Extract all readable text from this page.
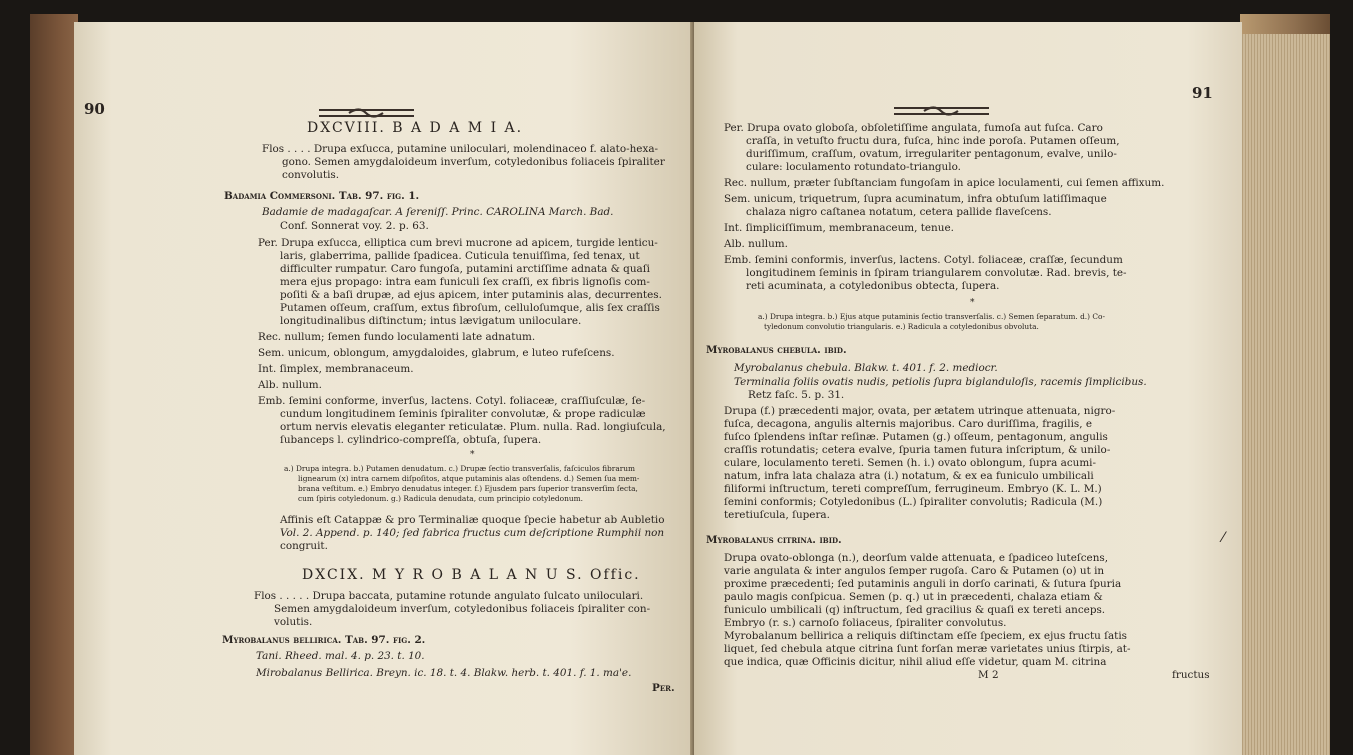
90
DXCVIII. B A D A M I A.
Flos . . . . Drupa exſucca, putamine uniloculari, molendinaceo f. alato-hexa-
gono. Semen amygdaloideum inverſum, cotyledonibus foliaceis ſpiraliter
convolutis.
Badamia Commerſoni. Tab. 97. fig. 1.
Badamie de madagaſcar. A ſereniſſ. Princ. CAROLINA March. Bad.
Conf. Sonnerat voy. 2. p. 63.
Per. Drupa exſucca, elliptica cum brevi mucrone ad apicem, turgide lenticu-
laris, glaberrima, pallide ſpadicea. Cuticula tenuiſſima, ſed tenax, ut
difficulter rumpatur. Caro fungoſa, putamini arctiſſime adnata & quaſi
mera ejus propago: intra eam funiculi ſex craſſi, ex fibris lignoſis com-
poſiti & a baſi drupæ, ad ejus apicem, inter putaminis alas, decurrentes.
Putamen oſſeum, craſſum, extus fibroſum, celluloſumque, alis ſex craſſis
longitudinalibus diſtinctum; intus lævigatum uniloculare.
Rec. nullum; ſemen fundo loculamenti late adnatum.
Sem. unicum, oblongum, amygdaloides, glabrum, e luteo rufeſcens.
Int. ſimplex, membranaceum.
Alb. nullum.
Emb. ſemini conforme, inverſus, lactens. Cotyl. foliaceæ, craſſiuſculæ, ſe-
cundum longitudinem ſeminis ſpiraliter convolutæ, & prope radiculæ
ortum nervis elevatis eleganter reticulatæ. Plum. nulla. Rad. longiuſcula,
ſubanceps l. cylindrico-compreſſa, obtuſa, ſupera.
*
a.) Drupa integra. b.) Putamen denudatum. c.) Drupæ ſectio transverſalis, faſciculos fibrarum
lignearum (x) intra carnem diſpoſitos, atque putaminis alas oſtendens. d.) Semen ſua mem-
brana veſtitum. e.) Embryo denudatus integer. f.) Ejusdem pars ſuperior transverſim ſecta,
cum ſpiris cotyledonum. g.) Radicula denudata, cum principio cotyledonum.
Affinis eſt Catappæ & pro Terminaliæ quoque ſpecie habetur ab Aubletio
Vol. 2. Append. p. 140; ſed fabrica fructus cum deſcriptione Rumphii non
congruit.
DXCIX. M Y R O B A L A N U S. Offic.
Flos . . . . . Drupa baccata, putamine rotunde angulato ſulcato uniloculari.
Semen amygdaloideum inverſum, cotyledonibus foliaceis ſpiraliter con-
volutis.
Myrobalanus bellirica. Tab. 97. fig. 2.
Tani. Rheed. mal. 4. p. 23. t. 10.
Mirobalanus Bellirica. Breyn. ic. 18. t. 4. Blakw. herb. t. 401. f. 1. ma'e.
Per.
91
Per. Drupa ovato globoſa, obſoletiſſime angulata, fumoſa aut fuſca. Caro
craſſa, in vetuſto fructu dura, fuſca, hinc inde poroſa. Putamen oſſeum,
duriſſimum, craſſum, ovatum, irregulariter pentagonum, evalve, unilo-
culare: loculamento rotundato-triangulo.
Rec. nullum, præter ſubſtanciam fungoſam in apice loculamenti, cui ſemen affixum.
Sem. unicum, triquetrum, ſupra acuminatum, infra obtuſum latiſſimaque
chalaza nigro caſtanea notatum, cetera pallide flaveſcens.
Int. ſimpliciſſimum, membranaceum, tenue.
Alb. nullum.
Emb. ſemini conformis, inverſus, lactens. Cotyl. foliaceæ, craſſæ, ſecundum
longitudinem ſeminis in ſpiram triangularem convolutæ. Rad. brevis, te-
reti acuminata, a cotyledonibus obtecta, ſupera.
*
a.) Drupa integra. b.) Ejus atque putaminis ſectio transverſalis. c.) Semen ſeparatum. d.) Co-
tyledonum convolutio triangularis. e.) Radicula a cotyledonibus obvoluta.
Myrobalanus chebula. ibid.
Myrobalanus chebula. Blakw. t. 401. f. 2. mediocr.
Terminalia foliis ovatis nudis, petiolis ſupra biglanduloſis, racemis ſimplicibus.
Retz faſc. 5. p. 31.
Drupa (f.) præcedenti major, ovata, per ætatem utrinque attenuata, nigro-
fuſca, decagona, angulis alternis majoribus. Caro duriſſima, fragilis, e
fuſco ſplendens inſtar reſinæ. Putamen (g.) oſſeum, pentagonum, angulis
craſſis rotundatis; cetera evalve, ſpuria tamen futura inſcriptum, & unilo-
culare, loculamento tereti. Semen (h. i.) ovato oblongum, ſupra acumi-
natum, infra lata chalaza atra (i.) notatum, & ex ea funiculo umbilicali
filiformi inſtructum, tereti compreſſum, ferrugineum. Embryo (K. L. M.)
ſemini conformis; Cotyledonibus (L.) ſpiraliter convolutis; Radicula (M.)
teretiuſcula, ſupera.
Myrobalanus citrina. ibid.	⁄
Drupa ovato-oblonga (n.), deorſum valde attenuata, e ſpadiceo luteſcens,
varie angulata & inter angulos ſemper rugoſa. Caro & Putamen (o) ut in
proxime præcedenti; ſed putaminis anguli in dorſo carinati, & ſutura ſpuria
paulo magis conſpicua. Semen (p. q.) ut in præcedenti, chalaza etiam &
funiculo umbilicali (q) inſtructum, ſed gracilius & quaſi ex tereti anceps.
Embryo (r. s.) carnoſo foliaceus, ſpiraliter convolutus.
Myrobalanum bellirica a reliquis diſtinctam eſſe ſpeciem, ex ejus fructu ſatis
liquet, ſed chebula atque citrina ſunt forſan meræ varietates unius ſtirpis, at-
que indica, quæ Officinis dicitur, nihil aliud eſſe videtur, quam M. citrina
M 2	fructus
